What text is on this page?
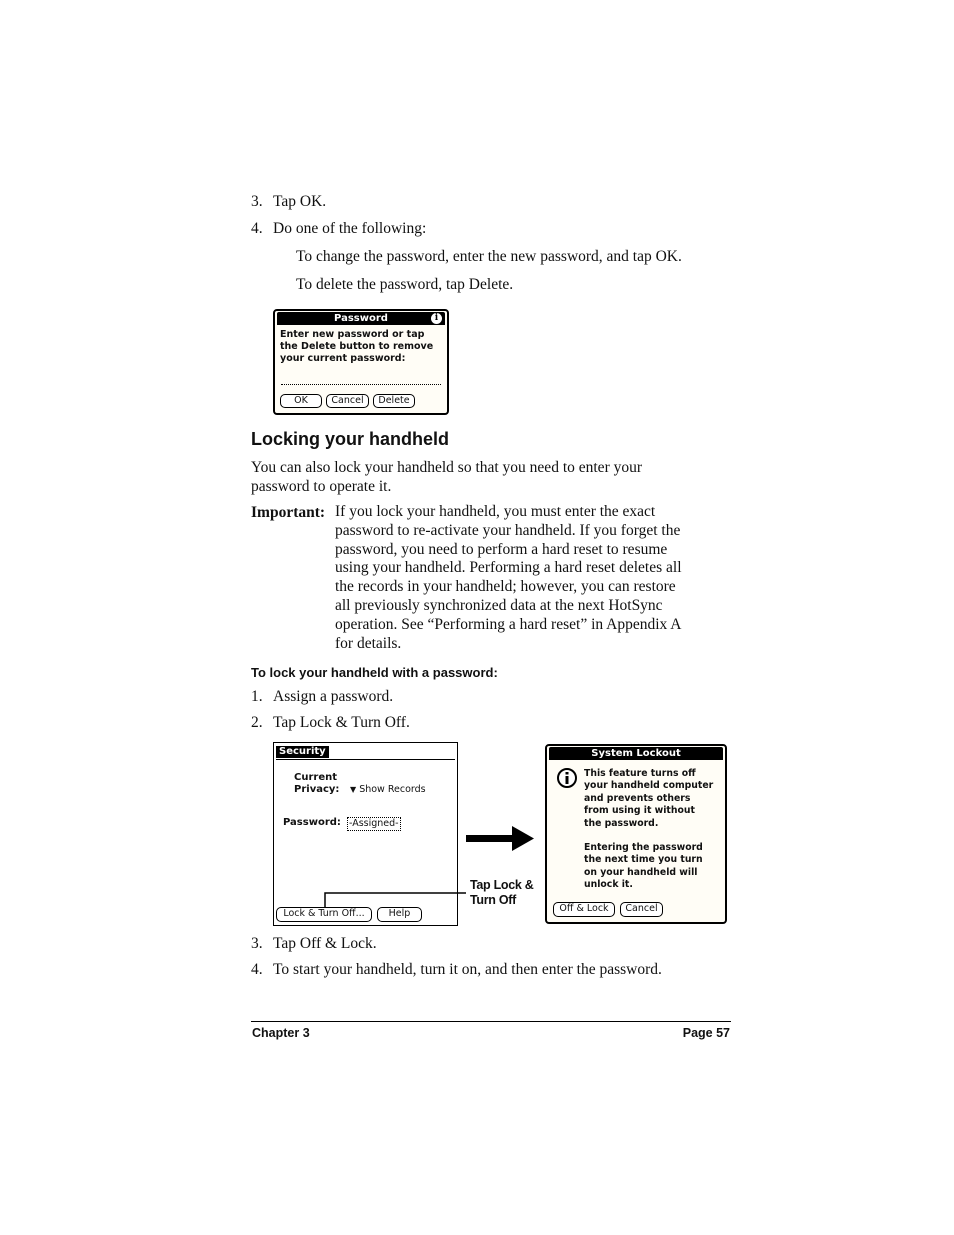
3. Tap OK.
4. Do one of the following:
To change the password, enter the new password, and tap OK.
To delete the password, tap Delete.
Password	i
Enter new password or tap
the Delete button to remove
your current password:
OK	Cancel	Delete
Locking your handheld
You can also lock your handheld so that you need to enter your
password to operate it.
Important: If you lock your handheld, you must enter the exact
password to re-activate your handheld. If you forget the
password, you need to perform a hard reset to resume
using your handheld. Performing a hard reset deletes all
the records in your handheld; however, you can restore
all previously synchronized data at the next HotSync
operation. See “Performing a hard reset” in Appendix A
for details.
To lock your handheld with a password:
1. Assign a password.
2. Tap Lock & Turn Off.
Security
Current
Privacy: ▼ Show Records
Password: -Assigned-
Lock & Turn Off...	Help
Tap Lock &
Turn Off
System Lockout
This feature turns off
your handheld computer
and prevents others
from using it without
the password.
Entering the password
the next time you turn
on your handheld will
unlock it.
Off & Lock	Cancel
3. Tap Off & Lock.
4. To start your handheld, turn it on, and then enter the password.
Chapter 3	Page 57
